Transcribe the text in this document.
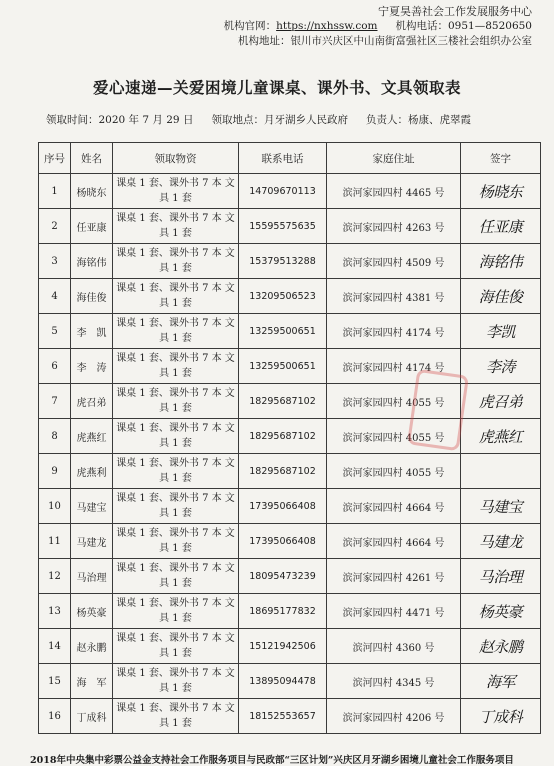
宁夏昊善社会工作发展服务中心
机构官网：https://nxhssw.com 机构电话：0951—8520650
机构地址：银川市兴庆区中山南街富强社区三楼社会组织办公室
爱心速递—关爱困境儿童课桌、课外书、文具领取表
领取时间：2020 年 7 月 29 日 领取地点：月牙湖乡人民政府 负责人：杨康、虎翠霞
序号	姓名	领取物资	联系电话	家庭住址	签字
1	杨晓东	课桌 1 套、课外书 7 本 文具 1 套	14709670113	滨河家园四村 4465 号	杨晓东
2	任亚康	课桌 1 套、课外书 7 本 文具 1 套	15595575635	滨河家园四村 4263 号	任亚康
3	海铭伟	课桌 1 套、课外书 7 本 文具 1 套	15379513288	滨河家园四村 4509 号	海铭伟
4	海佳俊	课桌 1 套、课外书 7 本 文具 1 套	13209506523	滨河家园四村 4381 号	海佳俊
5	李　凯	课桌 1 套、课外书 7 本 文具 1 套	13259500651	滨河家园四村 4174 号	李凯
6	李　涛	课桌 1 套、课外书 7 本 文具 1 套	13259500651	滨河家园四村 4174 号	李涛
7	虎召弟	课桌 1 套、课外书 7 本 文具 1 套	18295687102	滨河家园四村 4055 号	虎召弟
8	虎燕红	课桌 1 套、课外书 7 本 文具 1 套	18295687102	滨河家园四村 4055 号	虎燕红
9	虎燕利	课桌 1 套、课外书 7 本 文具 1 套	18295687102	滨河家园四村 4055 号	
10	马建宝	课桌 1 套、课外书 7 本 文具 1 套	17395066408	滨河家园四村 4664 号	马建宝
11	马建龙	课桌 1 套、课外书 7 本 文具 1 套	17395066408	滨河家园四村 4664 号	马建龙
12	马治理	课桌 1 套、课外书 7 本 文具 1 套	18095473239	滨河家园四村 4261 号	马治理
13	杨英豪	课桌 1 套、课外书 7 本 文具 1 套	18695177832	滨河家园四村 4471 号	杨英豪
14	赵永鹏	课桌 1 套、课外书 7 本 文具 1 套	15121942506	滨河四村 4360 号	赵永鹏
15	海　军	课桌 1 套、课外书 7 本 文具 1 套	13895094478	滨河四村 4345 号	海军
16	丁成科	课桌 1 套、课外书 7 本 文具 1 套	18152553657	滨河家园四村 4206 号	丁成科
2018年中央集中彩票公益金支持社会工作服务项目与民政部“三区计划”兴庆区月牙湖乡困境儿童社会工作服务项目
